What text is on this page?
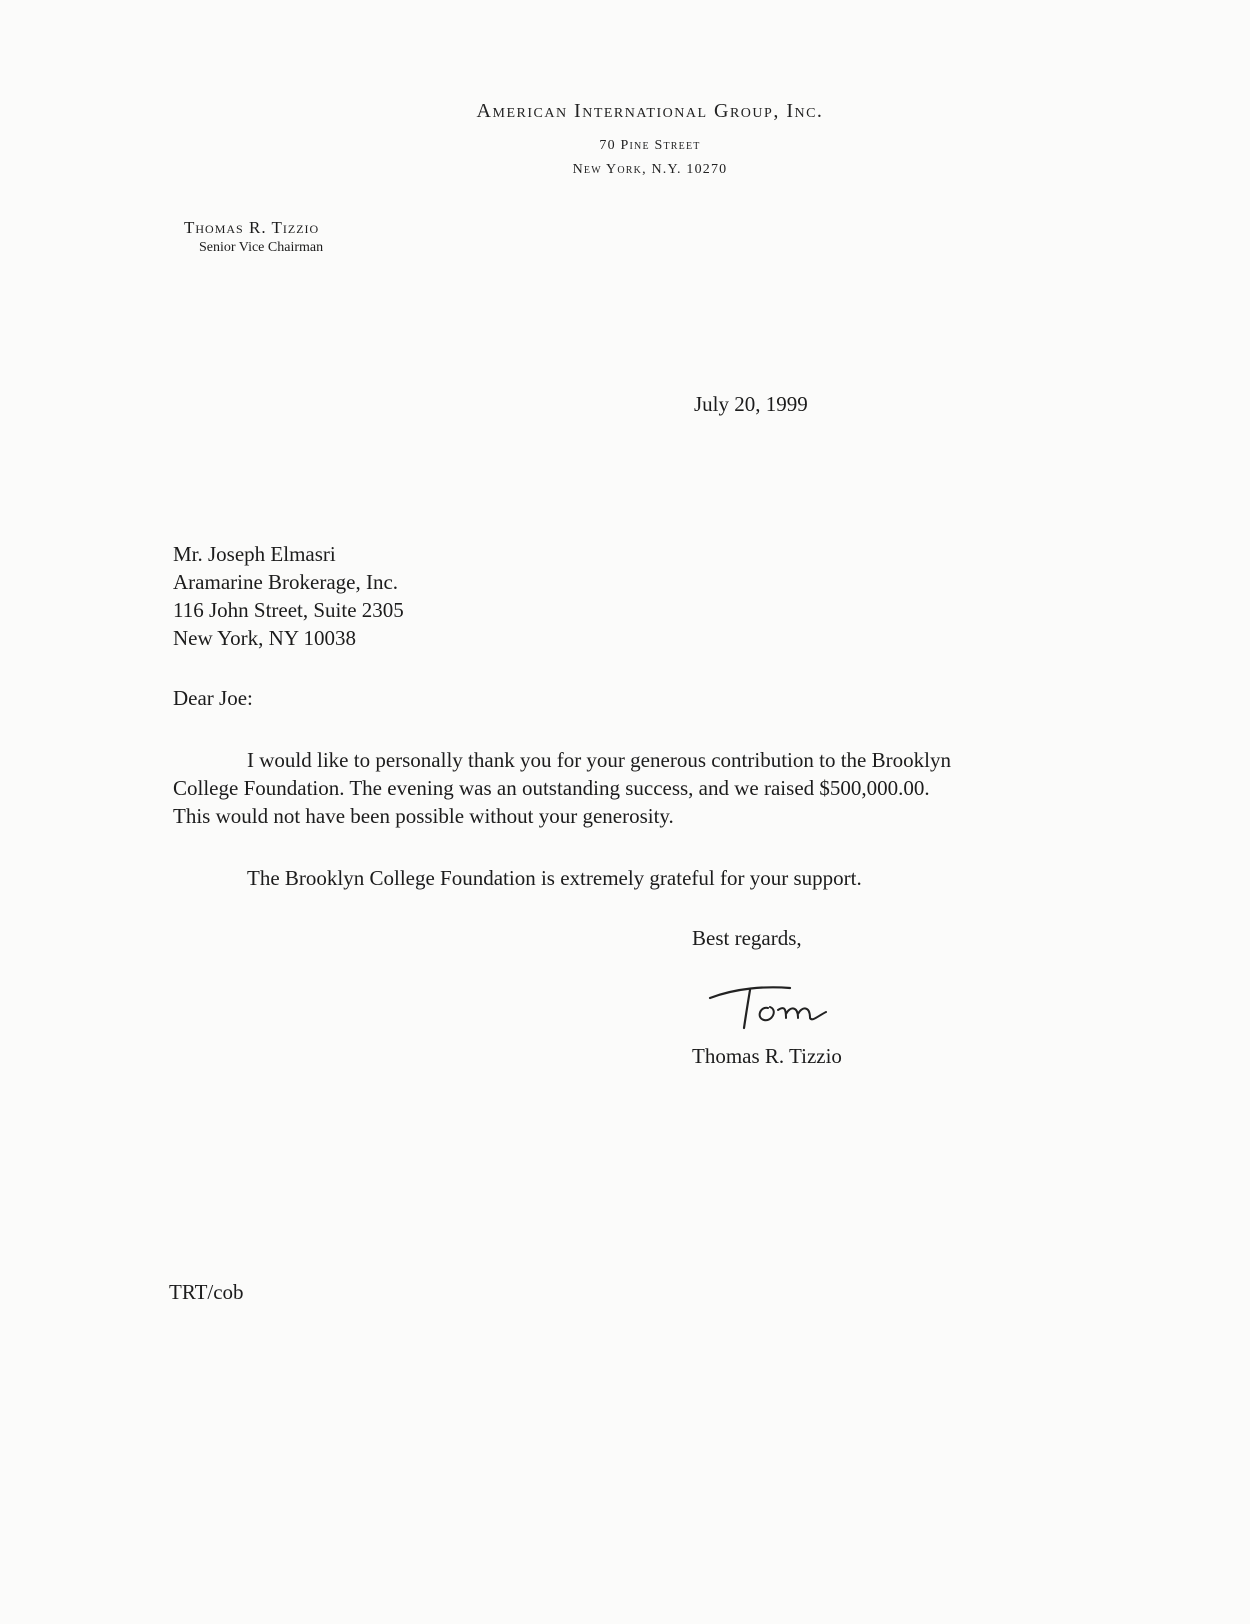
American International Group, Inc.
70 Pine Street
New York, N.Y. 10270
Thomas R. Tizzio
Senior Vice Chairman
July 20, 1999
Mr. Joseph Elmasri
Aramarine Brokerage, Inc.
116 John Street, Suite 2305
New York, NY 10038
Dear Joe:
I would like to personally thank you for your generous contribution to the Brooklyn
College Foundation. The evening was an outstanding success, and we raised $500,000.00.
This would not have been possible without your generosity.
The Brooklyn College Foundation is extremely grateful for your support.
Best regards,
Thomas R. Tizzio
TRT/cob
